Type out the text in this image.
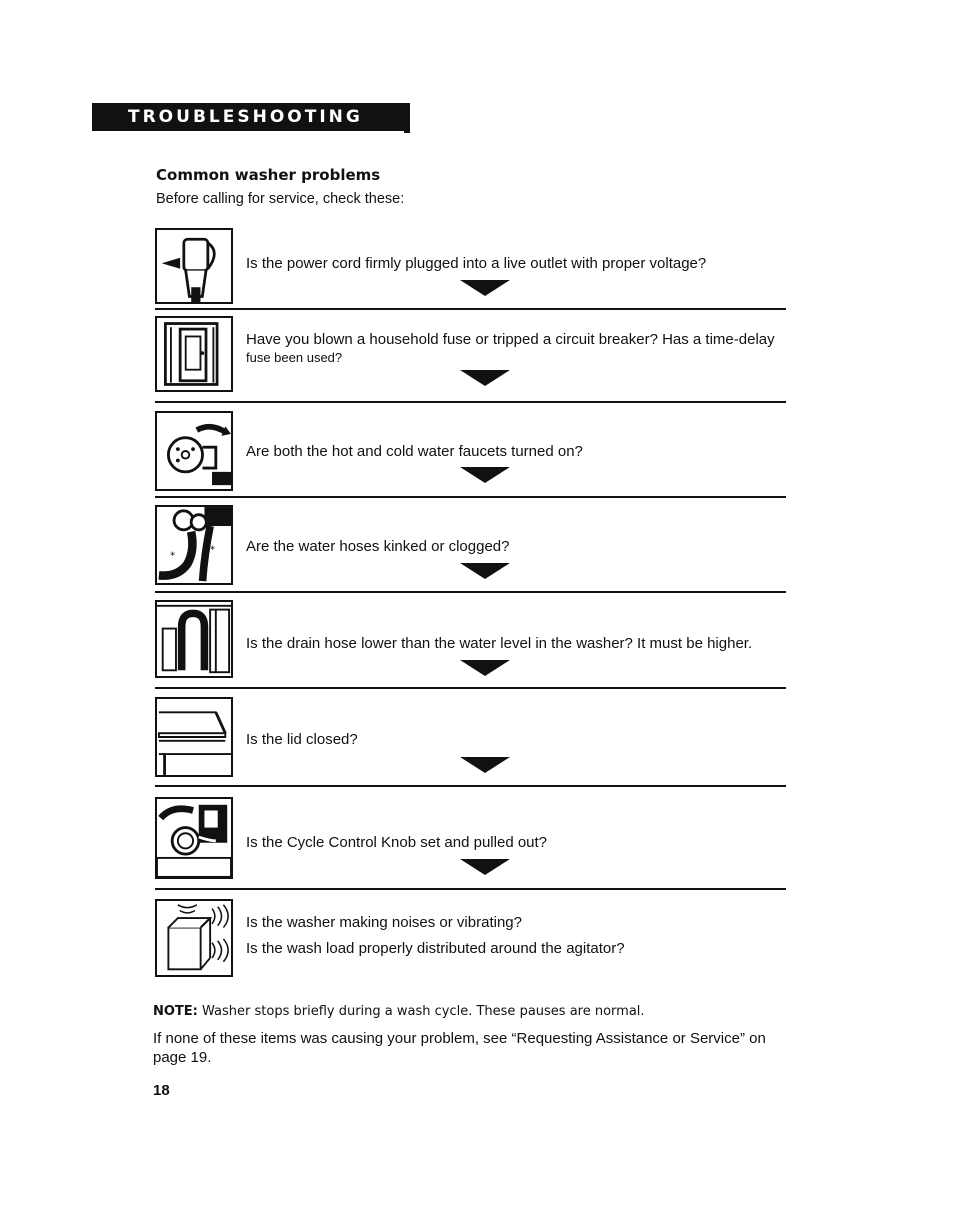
TROUBLESHOOTING
Common washer problems
Before calling for service, check these:
Is the power cord firmly plugged into a live outlet with proper voltage?
Have you blown a household fuse or tripped a circuit breaker? Has a time-delay
fuse been used?
Are both the hot and cold water faucets turned on?
*
* Are the water hoses kinked or clogged?
Is the drain hose lower than the water level in the washer? It must be higher.
Is the lid closed?
Is the Cycle Control Knob set and pulled out?
Is the washer making noises or vibrating?
Is the wash load properly distributed around the agitator?
NOTE: Washer stops briefly during a wash cycle. These pauses are normal.
If none of these items was causing your problem, see “Requesting Assistance or Service” on page 19.
18
